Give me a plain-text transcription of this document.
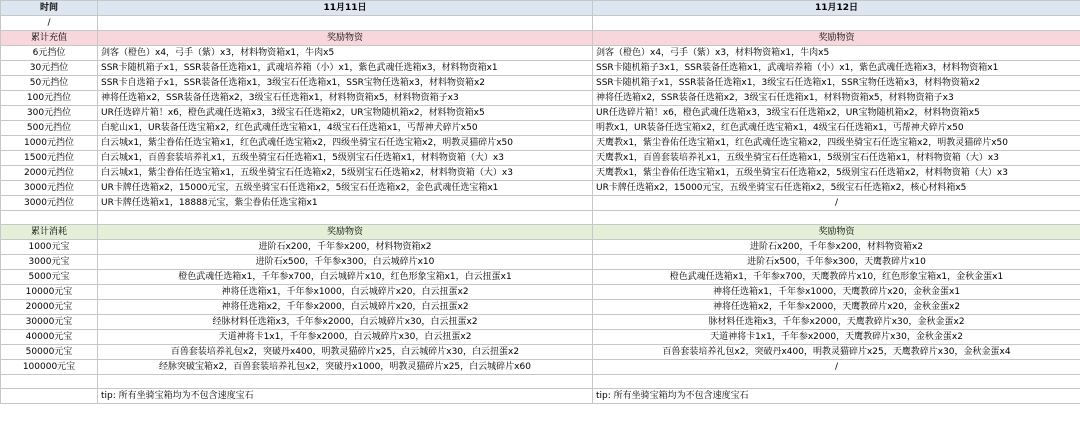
时间	11月11日	11月12日
/		
累计充值	奖励物资	奖励物资
6元挡位	剑客（橙色）x4，弓手（紫）x3，材料物资箱x1，牛肉x5	剑客（橙色）x4，弓手（紫）x3，材料物资箱x1，牛肉x5
30元挡位	SSR卡随机箱子x1，SSR装备任选箱x1，武魂培养箱（小）x1，紫色武魂任选箱x3，材料物资箱x1	SSR卡随机箱子3x1，SSR装备任选箱x1，武魂培养箱（小）x1，紫色武魂任选箱x3，材料物资箱x1
50元挡位	SSR卡自选箱子x1，SSR装备任选箱x1，3级宝石任选箱x1，SSR宝物任选箱x3，材料物资箱x2	SSR卡随机箱子x1，SSR装备任选箱x1，3级宝石任选箱x1，SSR宝物任选箱x3，材料物资箱x2
100元挡位	神将任选箱x2，SSR装备任选箱x2，3级宝石任选箱x1，材料物资箱x5，材料物资箱子x3	神将任选箱x2，SSR装备任选箱x2，3级宝石任选箱x1，材料物资箱x5，材料物资箱子x3
300元挡位	UR任选碎片箱！x6，橙色武魂任选箱x3，3级宝石任选箱x2，UR宝物随机箱x2，材料物资箱x5	UR任选碎片箱！x6，橙色武魂任选箱x3，3级宝石任选箱x2，UR宝物随机箱x2，材料物资箱x5
500元挡位	白驼山x1，UR装备任选宝箱x2，红色武魂任选宝箱x1，4级宝石任选箱x1，丐帮神犬碎片x50	明教x1，UR装备任选宝箱x2，红色武魂任选宝箱x1，4级宝石任选箱x1，丐帮神犬碎片x50
1000元挡位	白云城x1，紫尘眷佑任选宝箱x1，红色武魂任选宝箱x2，四级坐骑宝石任选宝箱x2，明教灵猫碎片x50	天鹰教x1，紫尘眷佑任选宝箱x1，红色武魂任选宝箱x2，四级坐骑宝石任选宝箱x2，明教灵猫碎片x50
1500元挡位	白云城x1，百兽套装培养礼x1，五级坐骑宝石任选箱x1，5级别宝石任选箱x1，材料物资箱（大）x3	天鹰教x1，百兽套装培养礼x1，五级坐骑宝石任选箱x1，5级别宝石任选箱x1，材料物资箱（大）x3
2000元挡位	白云城x1，紫尘眷佑任选宝箱x1，五级坐骑宝石任选箱x2，5级别宝石任选箱x2，材料物资箱（大）x3	天鹰教x1，紫尘眷佑任选宝箱x1，五级坐骑宝石任选箱x2，5级别宝石任选箱x2，材料物资箱（大）x3
3000元挡位	UR卡牌任选箱x2，15000元宝，五级坐骑宝石任选箱x2，5级宝石任选箱x2，金色武魂任选宝箱x1	UR卡牌任选箱x2，15000元宝，五级坐骑宝石任选箱x2，5级宝石任选箱x2，核心材料箱x5
3000元挡位	UR卡牌任选箱x1，18888元宝，紫尘眷佑任选宝箱x1	/

累计消耗	奖励物资	奖励物资
1000元宝	进阶石x200，千年参x200，材料物资箱x2	进阶石x200，千年参x200，材料物资箱x2
3000元宝	进阶石x500，千年参x300，白云城碎片x10	进阶石x500，千年参x300，天鹰教碎片x10
5000元宝	橙色武魂任选箱x1，千年参x700，白云城碎片x10，红色形象宝箱x1，白云扭蛋x1	橙色武魂任选箱x1，千年参x700，天鹰教碎片x10，红色形象宝箱x1，金秋金蛋x1
10000元宝	神将任选箱x1，千年参x1000，白云城碎片x20，白云扭蛋x2	神将任选箱x1，千年参x1000，天鹰教碎片x20，金秋金蛋x1
20000元宝	神将任选箱x2，千年参x2000，白云城碎片x20，白云扭蛋x2	神将任选箱x2，千年参x2000，天鹰教碎片x20，金秋金蛋x2
30000元宝	经脉材料任选箱x3，千年参x2000，白云城碎片x30，白云扭蛋x2	脉材料任选箱x3，千年参x2000，天鹰教碎片x30，金秋金蛋x2
40000元宝	天道神将卡1x1，千年参x2000，白云城碎片x30，白云扭蛋x2	天道神将卡1x1，千年参x2000，天鹰教碎片x30，金秋金蛋x2
50000元宝	百兽套装培养礼包x2，突破丹x400，明教灵猫碎片x25，白云城碎片x30，白云扭蛋x2	百兽套装培养礼包x2，突破丹x400，明教灵猫碎片x25，天鹰教碎片x30，金秋金蛋x4
100000元宝	经脉突破宝箱x2，百兽套装培养礼包x2，突破丹x1000，明教灵猫碎片x25，白云城碎片x60	/

	tip: 所有坐骑宝箱均为不包含速度宝石	tip: 所有坐骑宝箱均为不包含速度宝石
